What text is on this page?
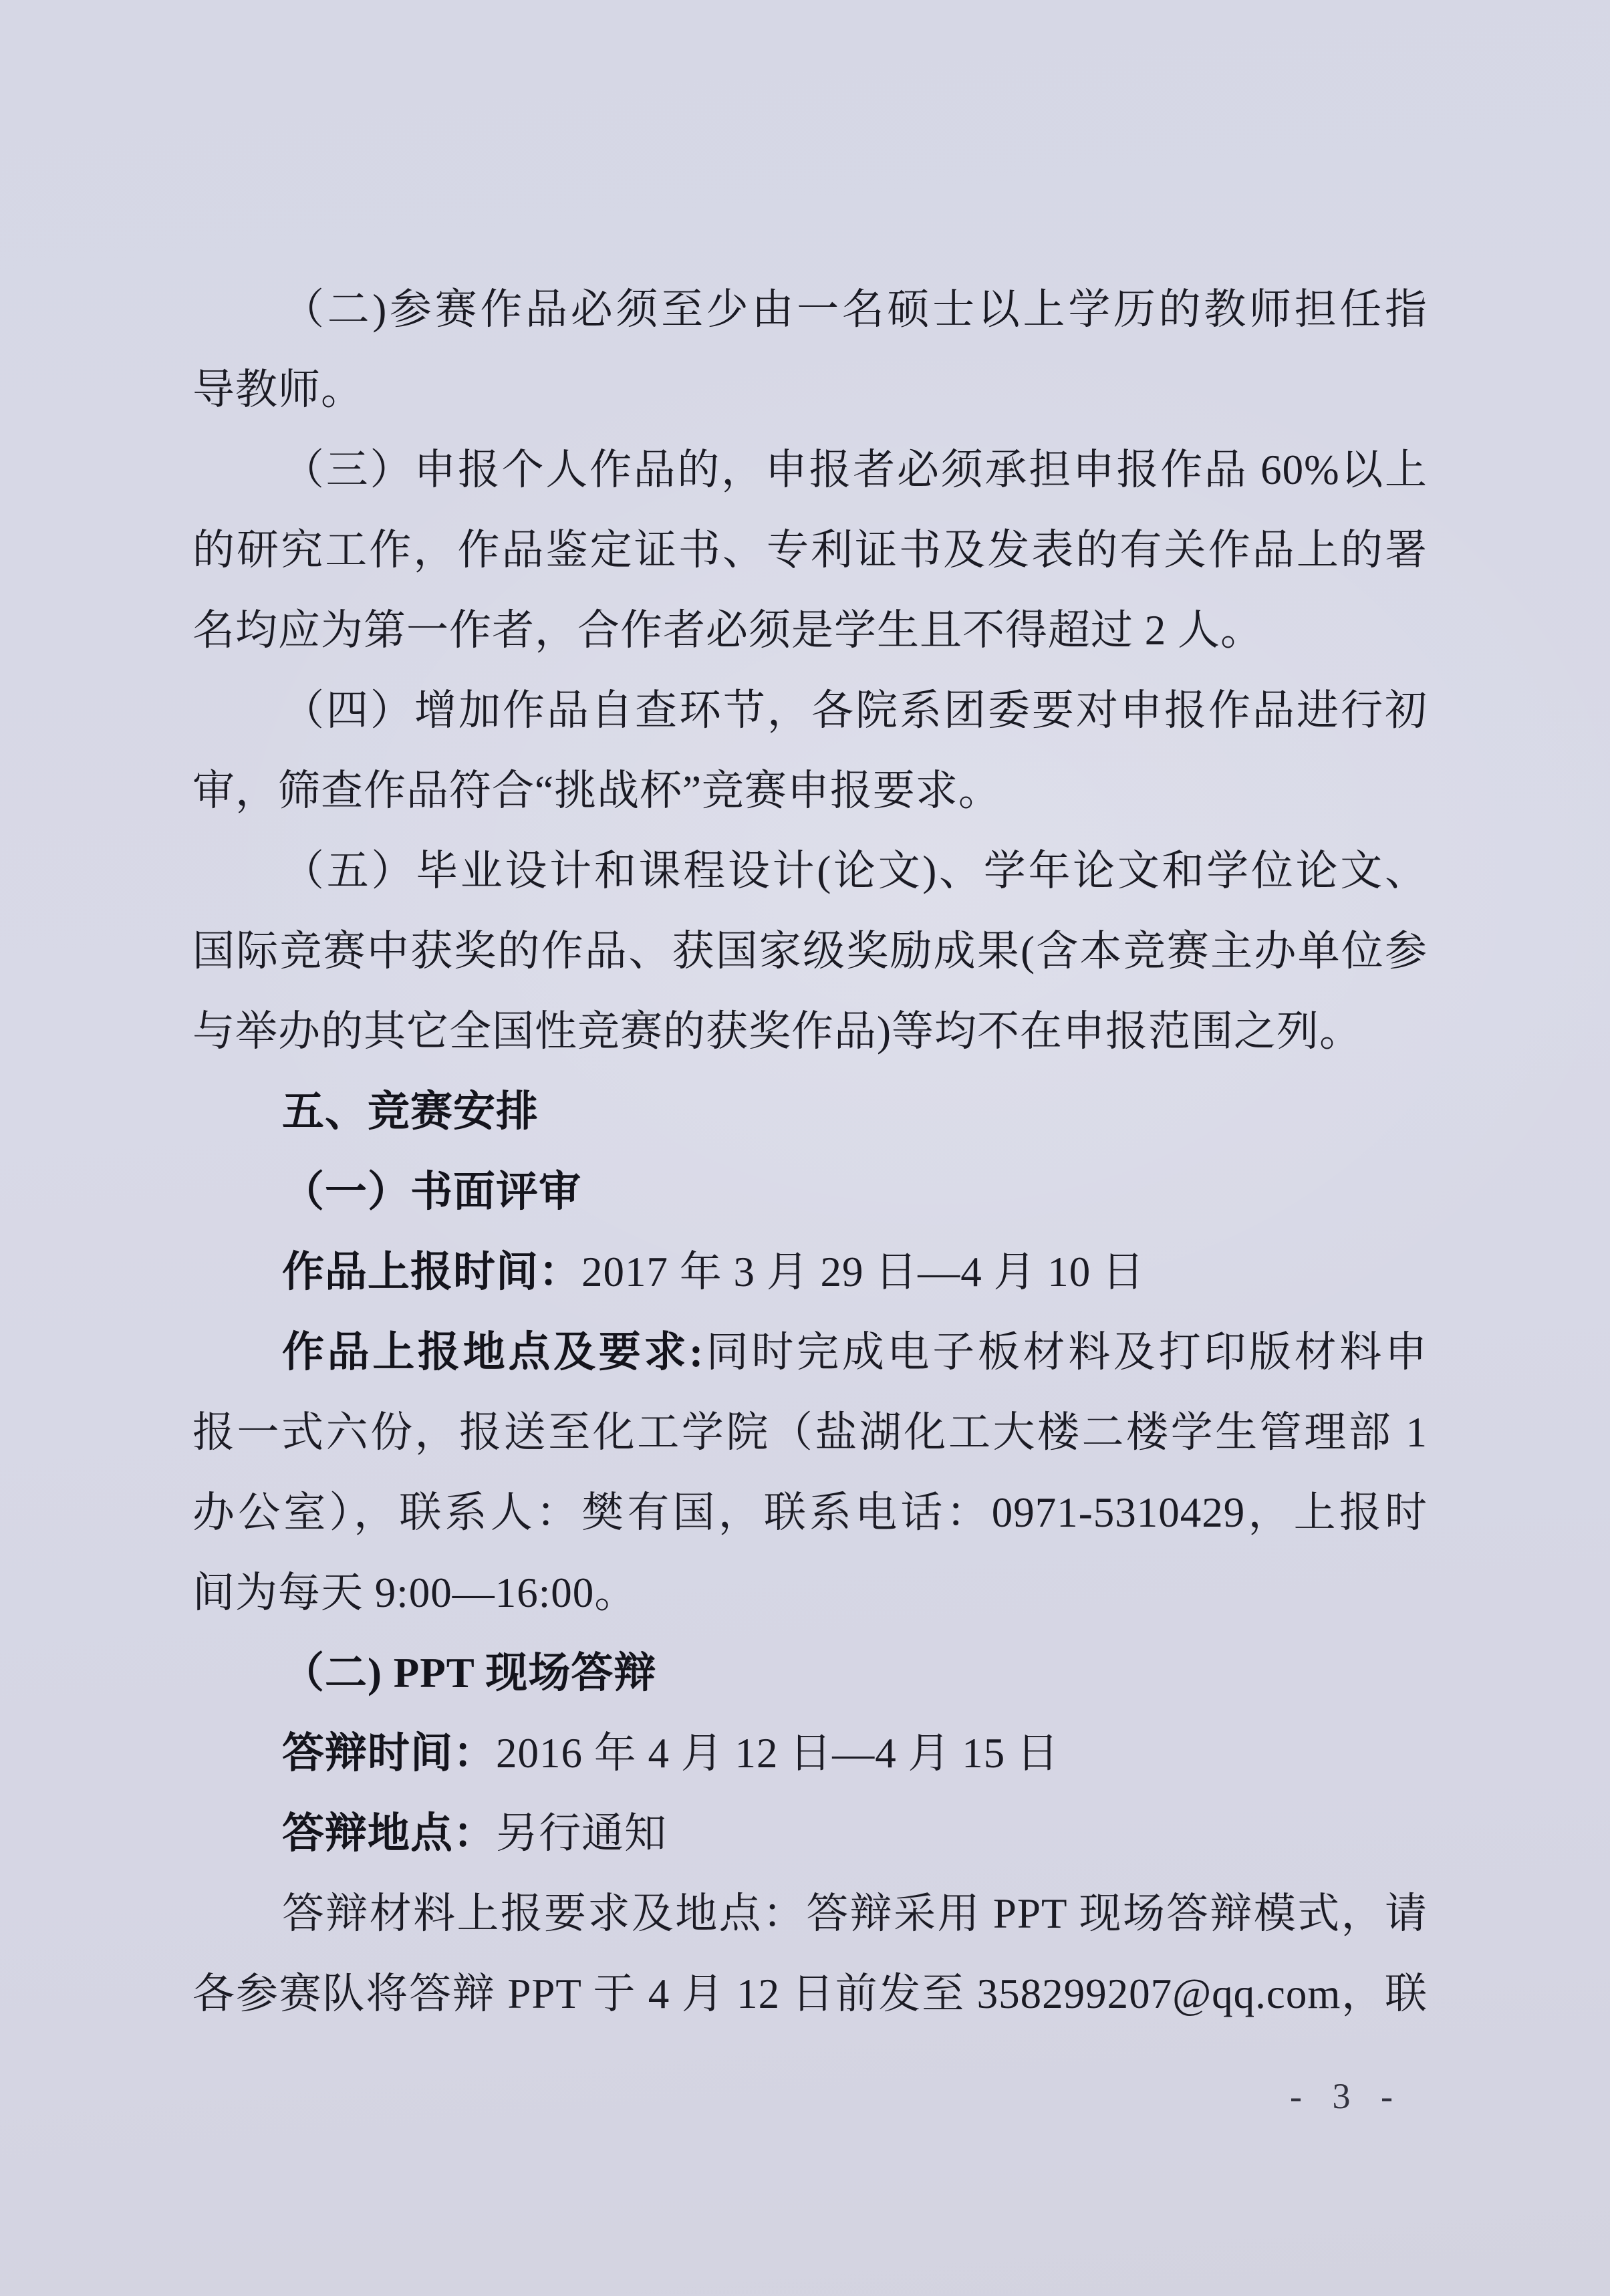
（二)参赛作品必须至少由一名硕士以上学历的教师担任指
导教师。
（三）申报个人作品的，申报者必须承担申报作品 60%以上
的研究工作，作品鉴定证书、专利证书及发表的有关作品上的署
名均应为第一作者，合作者必须是学生且不得超过 2 人。
（四）增加作品自查环节，各院系团委要对申报作品进行初
审，筛查作品符合“挑战杯”竞赛申报要求。
（五）毕业设计和课程设计(论文)、学年论文和学位论文、
国际竞赛中获奖的作品、获国家级奖励成果(含本竞赛主办单位参
与举办的其它全国性竞赛的获奖作品)等均不在申报范围之列。
五、竞赛安排
（一）书面评审
作品上报时间：2017 年 3 月 29 日—4 月 10 日
作品上报地点及要求:同时完成电子板材料及打印版材料申
报一式六份，报送至化工学院（盐湖化工大楼二楼学生管理部 1
办公室），联系人：樊有国，联系电话：0971-5310429，上报时
间为每天 9:00—16:00。
（二) PPT 现场答辩
答辩时间：2016 年 4 月 12 日—4 月 15 日
答辩地点：另行通知
答辩材料上报要求及地点：答辩采用 PPT 现场答辩模式，请
各参赛队将答辩 PPT 于 4 月 12 日前发至 358299207@qq.com，联
- 3 -
